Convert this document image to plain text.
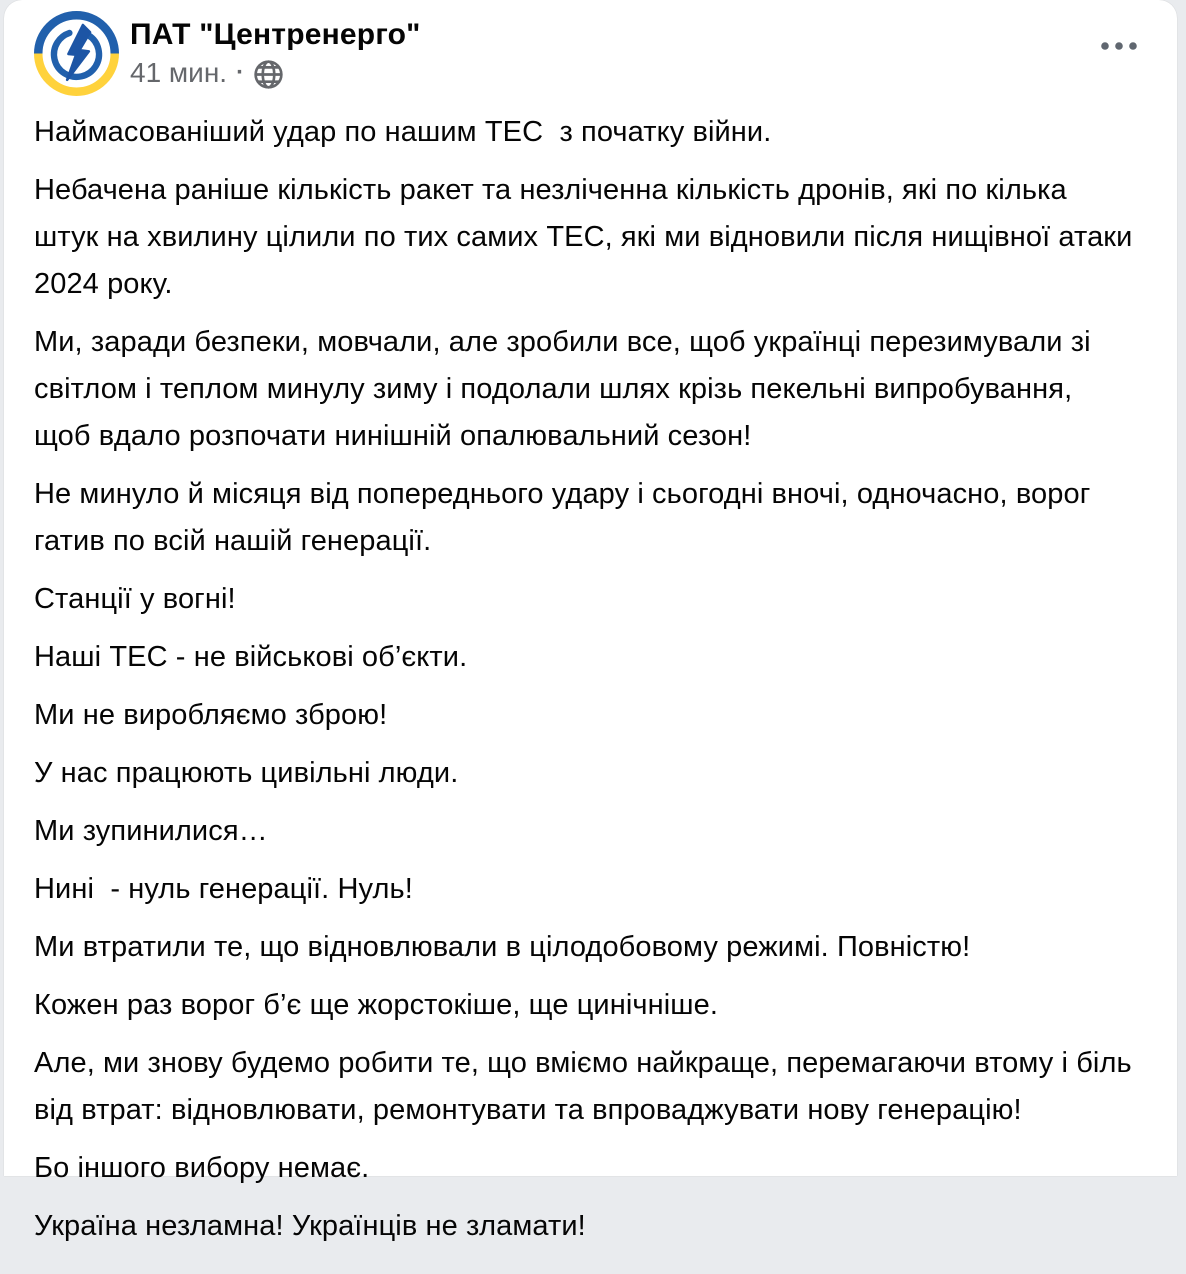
ПАТ "Центренерго"
41 мин. ·

Наймасованіший удар по нашим ТЕС  з початку війни.

Небачена раніше кількість ракет та незліченна кількість дронів, які по кілька штук на хвилину цілили по тих самих ТЕС, які ми відновили після нищівної атаки 2024 року.

Ми, заради безпеки, мовчали, але зробили все, щоб українці перезимували зі світлом і теплом минулу зиму і подолали шлях крізь пекельні випробування, щоб вдало розпочати нинішній опалювальний сезон!

Не минуло й місяця від попереднього удару і сьогодні вночі, одночасно, ворог гатив по всій нашій генерації.

Станції у вогні!

Наші ТЕС - не військові об’єкти.

Ми не виробляємо зброю!

У нас працюють цивільні люди.

Ми зупинилися…

Нині  - нуль генерації. Нуль!

Ми втратили те, що відновлювали в цілодобовому режимі. Повністю!

Кожен раз ворог б’є ще жорстокіше, ще цинічніше.

Але, ми знову будемо робити те, що вміємо найкраще, перемагаючи втому і біль від втрат: відновлювати, ремонтувати та впроваджувати нову генерацію!

Бо іншого вибору немає.

Україна незламна! Українців не зламати!
